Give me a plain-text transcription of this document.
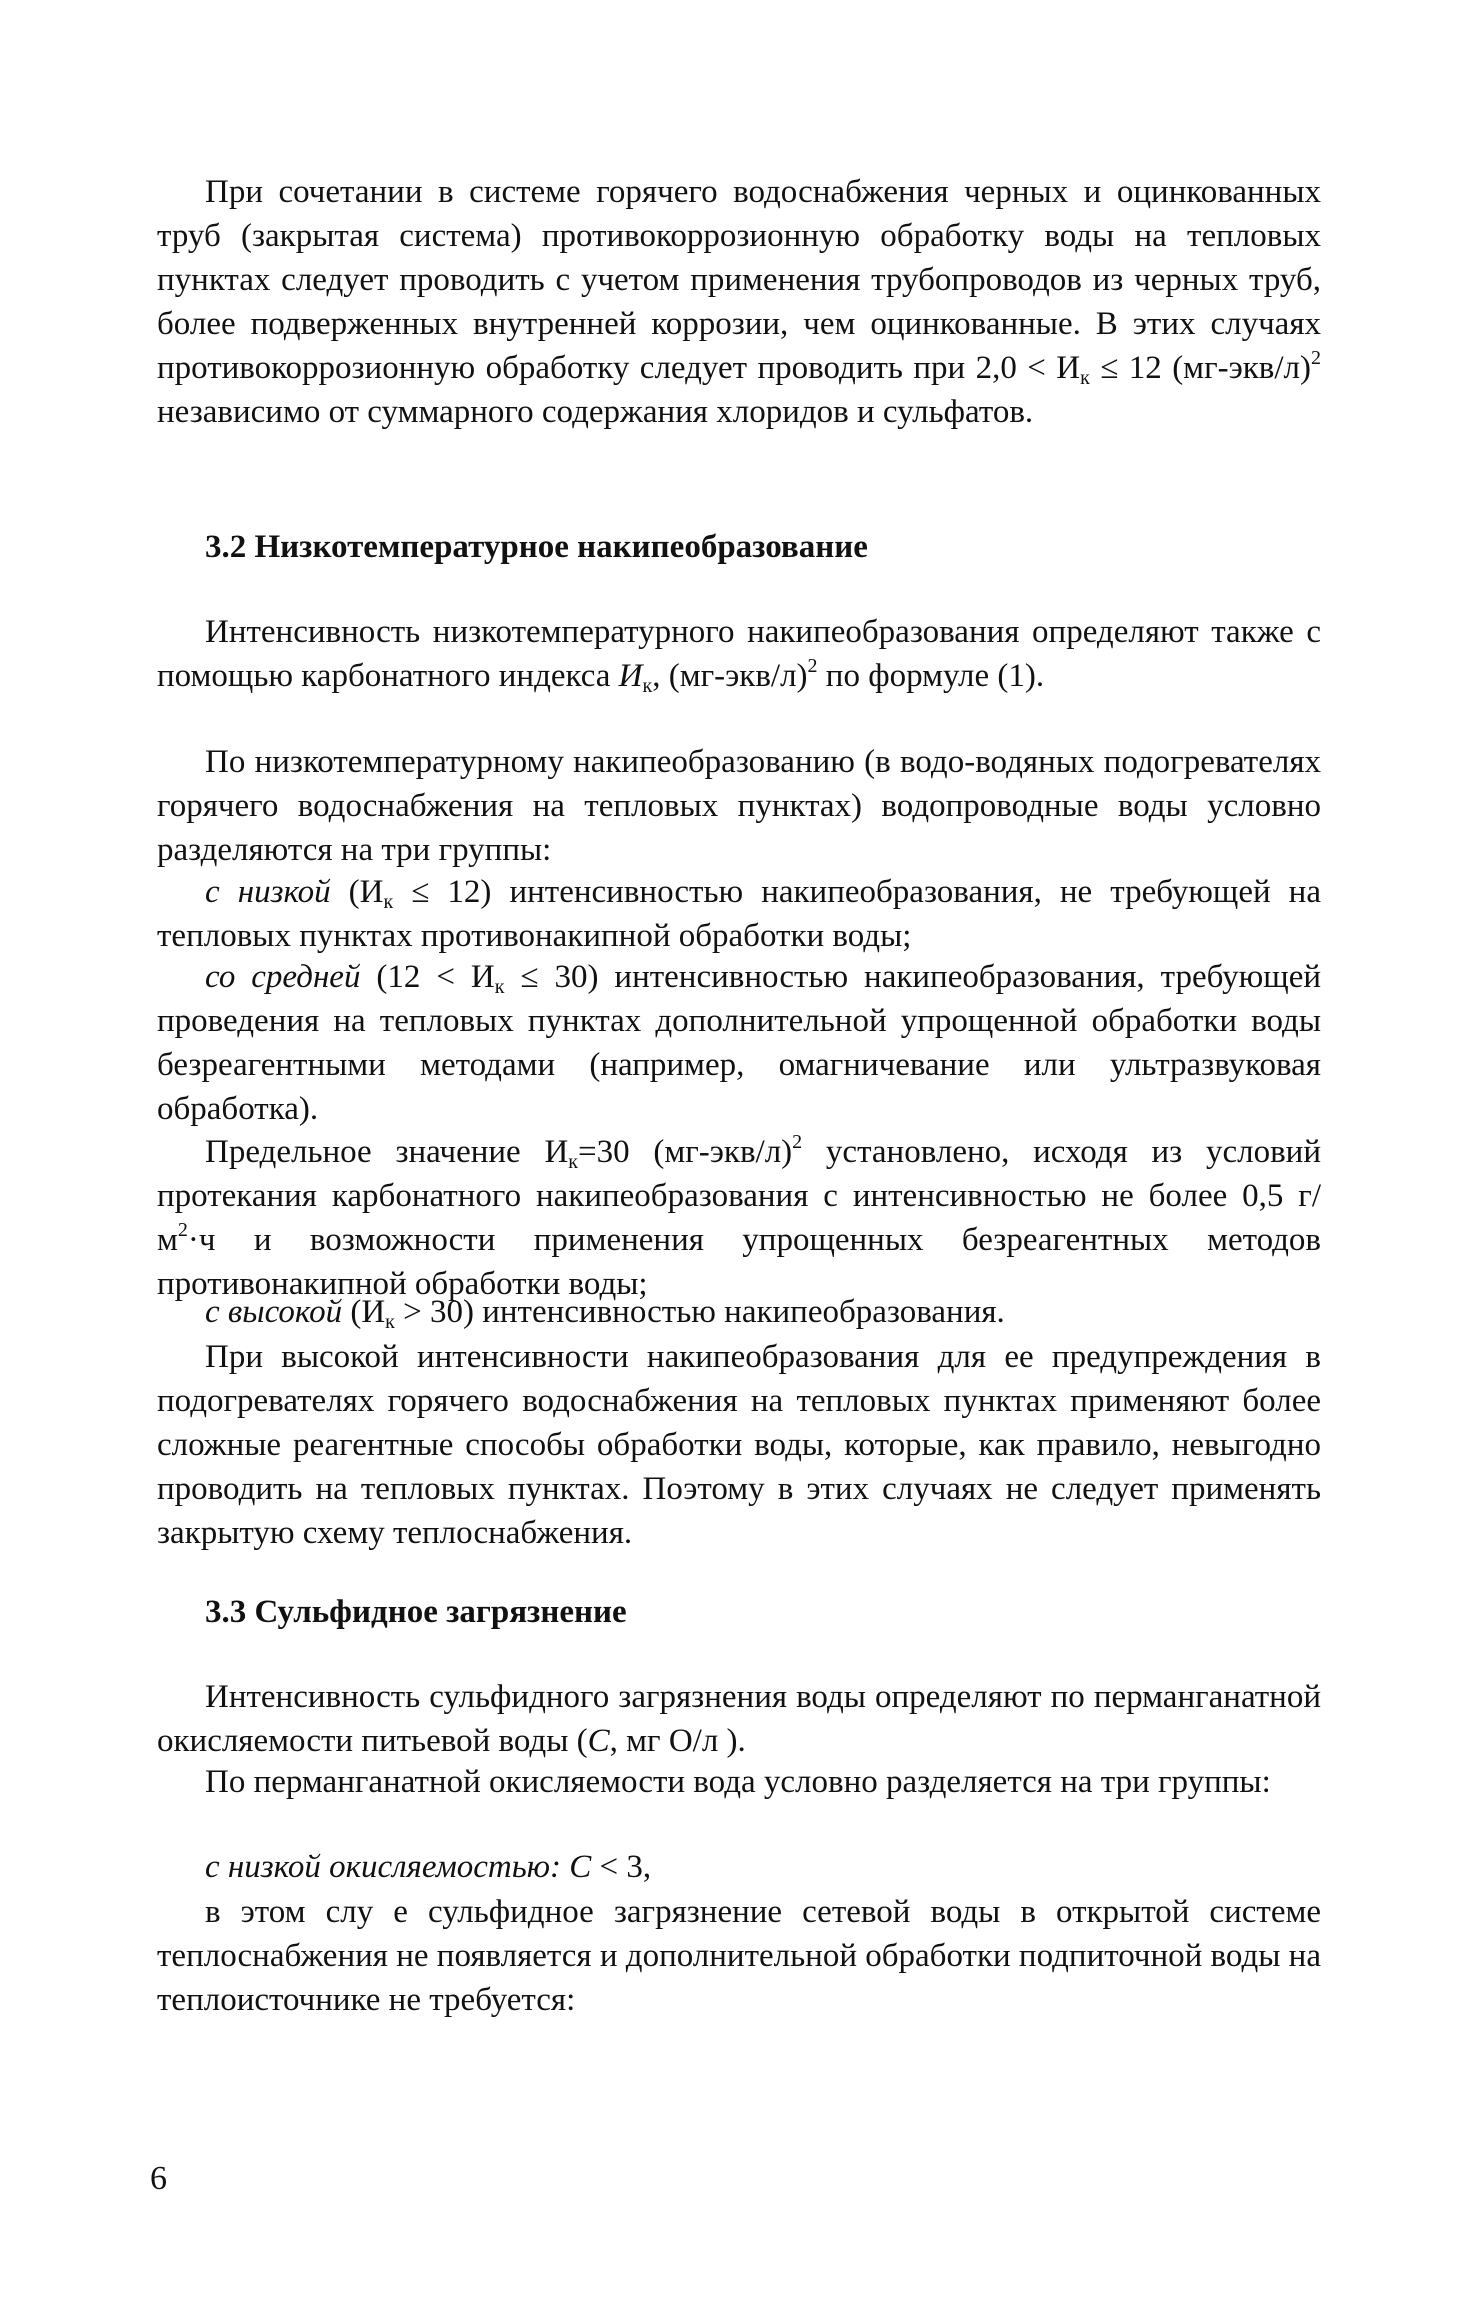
При сочетании в системе горячего водоснабжения черных и оцинкованных труб (закрытая система) противокоррозионную обработку воды на тепловых пунктах следует проводить с учетом применения трубопроводов из черных труб, более подверженных внутренней коррозии, чем оцинкованные. В этих случаях противокоррозионную обработку следует проводить при $2,0 < И_к \le 12$ $(мг-экв/л)^2$ независимо от суммарного содержания хлоридов и сульфатов.

3.2 Низкотемпературное накипеобразование

Интенсивность низкотемпературного накипеобразования определяют также с помощью карбонатного индекса $И_к$, $(мг-экв/л)^2$ по формуле (1).

По низкотемпературному накипеобразованию (в водо-водяных подогревателях горячего водоснабжения на тепловых пунктах) водопроводные воды условно разделяются на три группы:

с низкой $(И_к \le 12)$ интенсивностью накипеобразования, не требующей на тепловых пунктах противонакипной обработки воды;

со средней $(12 < И_к \le 30)$ интенсивностью накипеобразования, требующей проведения на тепловых пунктах дополнительной упрощенной обработки воды безреагентными методами (например, омагничевание или ультразвуковая обработка).

Предельное значение $И_к=30$ $(мг-экв/л)^2$ установлено, исходя из условий протекания карбонатного накипеобразования с интенсивностью не более 0,5 $г/м^2\cdot ч$ и возможности применения упрощенных безреагентных методов противонакипной обработки воды;

с высокой $(И_к > 30)$ интенсивностью накипеобразования.

При высокой интенсивности накипеобразования для ее предупреждения в подогревателях горячего водоснабжения на тепловых пунктах применяют более сложные реагентные способы обработки воды, которые, как правило, невыгодно проводить на тепловых пунктах. Поэтому в этих случаях не следует применять закрытую схему теплоснабжения.

3.3 Сульфидное загрязнение

Интенсивность сульфидного загрязнения воды определяют по перманганатной окисляемости питьевой воды (С, мг О/л ).

По перманганатной окисляемости вода условно разделяется на три группы:

с низкой окисляемостью: С < 3,

в этом слу е сульфидное загрязнение сетевой воды в открытой системе теплоснабжения не появляется и дополнительной обработки подпиточной воды на теплоисточнике не требуется:

6
